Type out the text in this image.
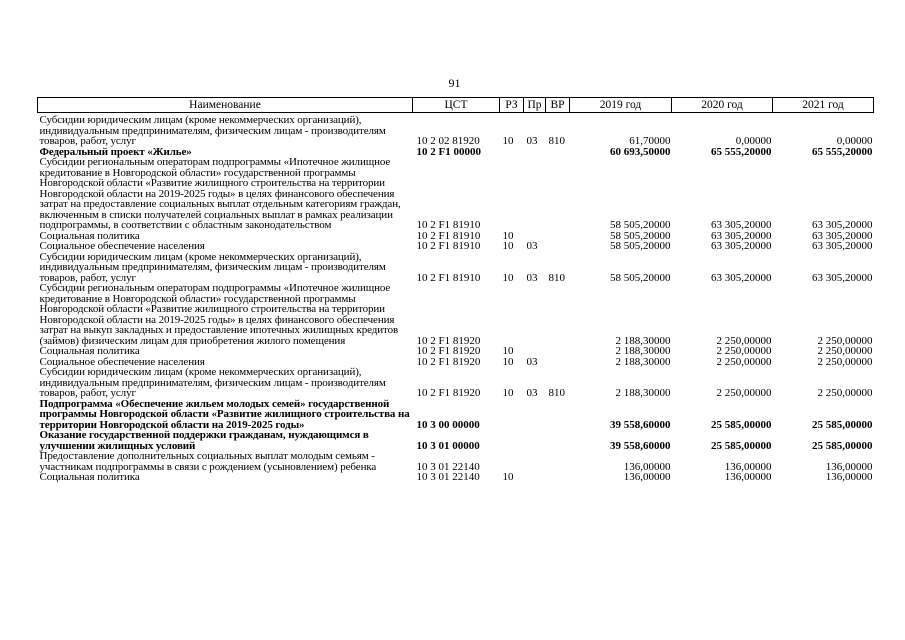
91
Наименование	ЦСТ	РЗ	Пр	ВР	2019 год	2020 год	2021 год
Субсидии юридическим лицам (кроме некоммерческих организаций), индивидуальным предпринимателям, физическим лицам - производителям товаров, работ, услуг	10 2 02 81920	10	03	810	61,70000	0,00000	0,00000
Федеральный проект «Жилье»	10 2 F1 00000				60 693,50000	65 555,20000	65 555,20000
Субсидии региональным операторам подпрограммы «Ипотечное жилищное кредитование в Новгородской области» государственной программы Новгородской области «Развитие жилищного строительства на территории Новгородской области на 2019-2025 годы» в целях финансового обеспечения затрат на предоставление социальных выплат отдельным категориям граждан, включенным в списки получателей социальных выплат в рамках реализации подпрограммы, в соответствии с областным законодательством	10 2 F1 81910				58 505,20000	63 305,20000	63 305,20000
Социальная политика	10 2 F1 81910	10			58 505,20000	63 305,20000	63 305,20000
Социальное обеспечение населения	10 2 F1 81910	10	03		58 505,20000	63 305,20000	63 305,20000
Субсидии юридическим лицам (кроме некоммерческих организаций), индивидуальным предпринимателям, физическим лицам - производителям товаров, работ, услуг	10 2 F1 81910	10	03	810	58 505,20000	63 305,20000	63 305,20000
Субсидии региональным операторам подпрограммы «Ипотечное жилищное кредитование в Новгородской области» государственной программы Новгородской области «Развитие жилищного строительства на территории Новгородской области на 2019-2025 годы» в целях финансового обеспечения затрат на выкуп закладных и предоставление ипотечных жилищных кредитов (займов) физическим лицам для приобретения жилого помещения	10 2 F1 81920				2 188,30000	2 250,00000	2 250,00000
Социальная политика	10 2 F1 81920	10			2 188,30000	2 250,00000	2 250,00000
Социальное обеспечение населения	10 2 F1 81920	10	03		2 188,30000	2 250,00000	2 250,00000
Субсидии юридическим лицам (кроме некоммерческих организаций), индивидуальным предпринимателям, физическим лицам - производителям товаров, работ, услуг	10 2 F1 81920	10	03	810	2 188,30000	2 250,00000	2 250,00000
Подпрограмма «Обеспечение жильем молодых семей» государственной программы Новгородской области «Развитие жилищного строительства на территории Новгородской области на 2019-2025 годы»	10 3 00 00000				39 558,60000	25 585,00000	25 585,00000
Оказание государственной поддержки гражданам, нуждающимся в улучшении жилищных условий	10 3 01 00000				39 558,60000	25 585,00000	25 585,00000
Предоставление дополнительных социальных выплат молодым семьям - участникам подпрограммы в связи с рождением (усыновлением) ребенка	10 3 01 22140				136,00000	136,00000	136,00000
Социальная политика	10 3 01 22140	10			136,00000	136,00000	136,00000
